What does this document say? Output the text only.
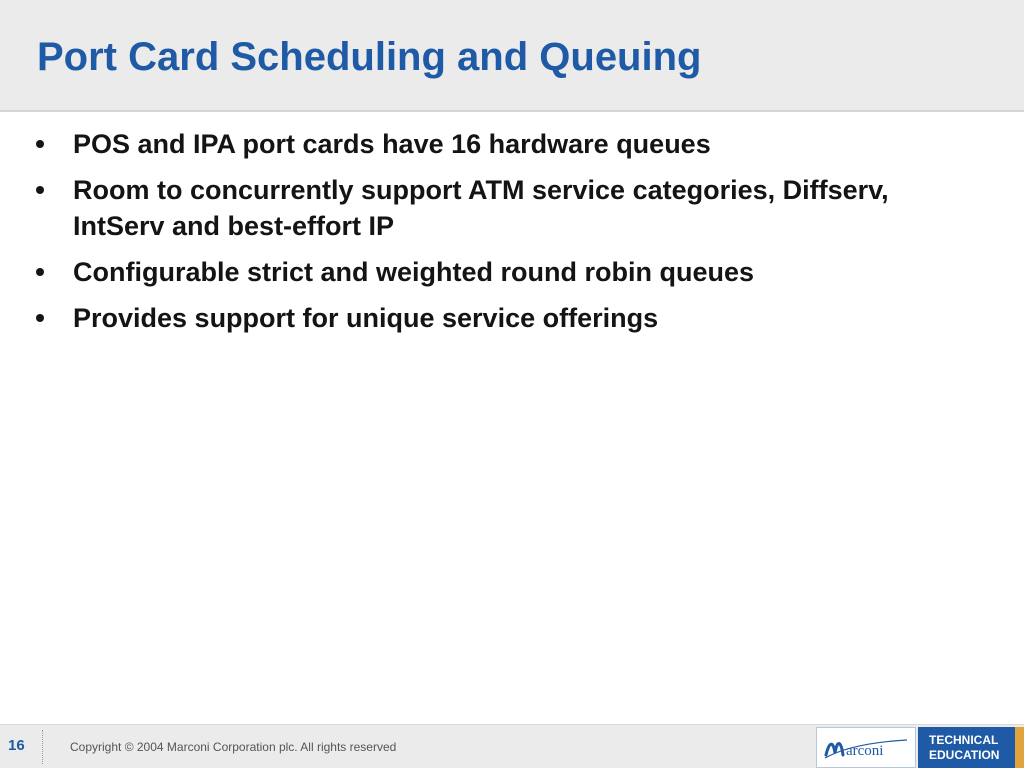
Port Card Scheduling and Queuing
POS and IPA port cards have 16 hardware queues
Room to concurrently support ATM service categories, Diffserv, IntServ and best-effort IP
Configurable strict and weighted round robin queues
Provides support for unique service offerings
16	Copyright © 2004 Marconi Corporation plc. All rights reserved	arconi
TECHNICAL
EDUCATION
